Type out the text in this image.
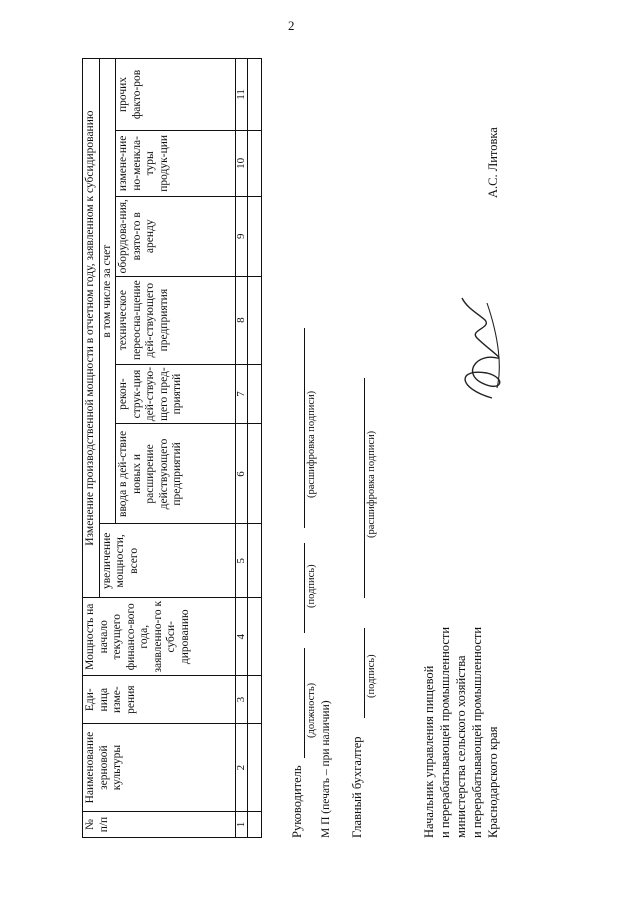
2
№ п/п	Наименование зерновой культуры	Еди-ница изме-рения	Мощность на начало текущего финансо-вого года, заявленно-го к субси-дированию	Изменение производственной мощности в отчетном году, заявленном к субсидированию						
				увеличение мощности, всего	в том числе за счет					
					ввода в дей-ствие новых и расширение действующего предприятий	рекон-струк-ция дей-ствую-щего пред-приятий	техническое переосна-щение дей-ствующего предприятия	оборудова-ния, взято-го в аренду	измене-ние но-менкла-туры продук-ции	прочих факто-ров
1	2	3	4	5	6	7	8	9	10	11

Руководитель
(должность)
(подпись)
(расшифровка подписи)
М П (печать – при наличии) Главный бухгалтер
(подпись)
(расшифровка подписи)
Начальник управления пищевой и перерабатывающей промышленности министерства сельского хозяйства и перерабатывающей промышленности Краснодарского края
А.С. Литовка
